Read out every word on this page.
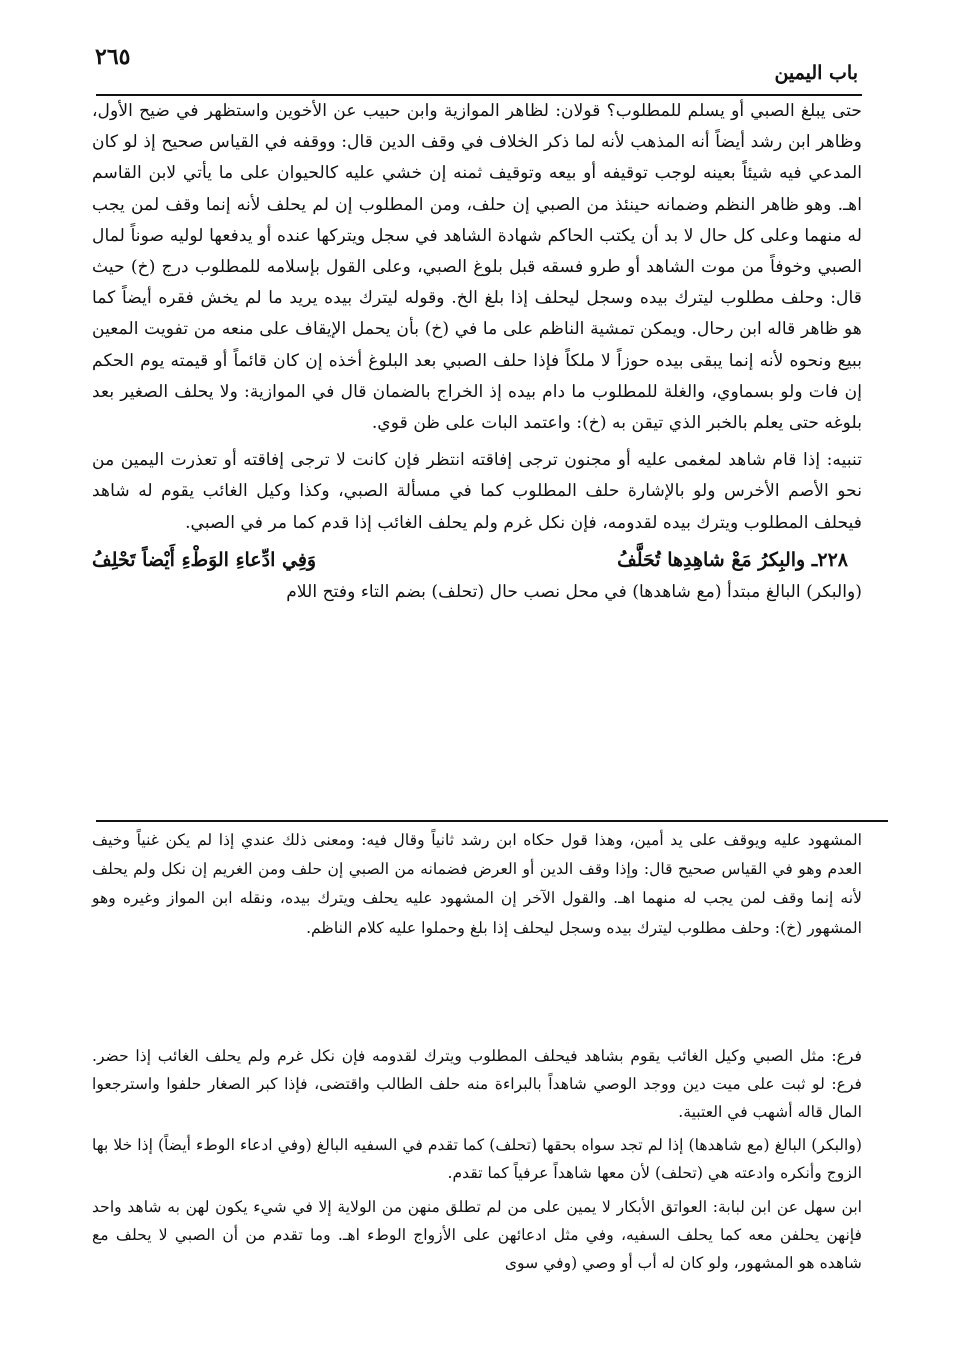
٢٦٥
باب اليمين

حتى يبلغ الصبي أو يسلم للمطلوب؟ قولان: لظاهر الموازية وابن حبيب عن الأخوين واستظهر في ضيح الأول، وظاهر ابن رشد أيضاً أنه المذهب لأنه لما ذكر الخلاف في وقف الدين قال: ووقفه في القياس صحيح إذ لو كان المدعي فيه شيئاً بعينه لوجب توقيفه أو بيعه وتوقيف ثمنه إن خشي عليه كالحيوان على ما يأتي لابن القاسم اهـ. وهو ظاهر النظم وضمانه حينئذ من الصبي إن حلف، ومن المطلوب إن لم يحلف لأنه إنما وقف لمن يجب له منهما وعلى كل حال لا بد أن يكتب الحاكم شهادة الشاهد في سجل ويتركها عنده أو يدفعها لوليه صوناً لمال الصبي وخوفاً من موت الشاهد أو طرو فسقه قبل بلوغ الصبي، وعلى القول بإسلامه للمطلوب درج (خ) حيث قال: وحلف مطلوب ليترك بيده وسجل ليحلف إذا بلغ الخ. وقوله ليترك بيده يريد ما لم يخش فقره أيضاً كما هو ظاهر قاله ابن رحال. ويمكن تمشية الناظم على ما في (خ) بأن يحمل الإيقاف على منعه من تفويت المعين ببيع ونحوه لأنه إنما يبقى بيده حوزاً لا ملكاً فإذا حلف الصبي بعد البلوغ أخذه إن كان قائماً أو قيمته يوم الحكم إن فات ولو بسماوي، والغلة للمطلوب ما دام بيده إذ الخراج بالضمان قال في الموازية: ولا يحلف الصغير بعد بلوغه حتى يعلم بالخبر الذي تيقن به (خ): واعتمد البات على ظن قوي.

تنبيه: إذا قام شاهد لمغمى عليه أو مجنون ترجى إفاقته انتظر فإن كانت لا ترجى إفاقته أو تعذرت اليمين من نحو الأصم الأخرس ولو بالإشارة حلف المطلوب كما في مسألة الصبي، وكذا وكيل الغائب يقوم له شاهد فيحلف المطلوب ويترك بيده لقدومه، فإن نكل غرم ولم يحلف الغائب إذا قدم كما مر في الصبي.

٢٢٨ـ والبِكرُ مَعْ شاهِدِها تُحَلَّفُ
وَفِي ادِّعاءِ الوَطْءِ أَيْضاً تَحْلِفُ

(والبكر) البالغ مبتدأ (مع شاهدها) في محل نصب حال (تحلف) بضم التاء وفتح اللام

المشهود عليه ويوقف على يد أمين، وهذا قول حكاه ابن رشد ثانياً وقال فيه: ومعنى ذلك عندي إذا لم يكن غنياً وخيف العدم وهو في القياس صحيح قال: وإذا وقف الدين أو العرض فضمانه من الصبي إن حلف ومن الغريم إن نكل ولم يحلف لأنه إنما وقف لمن يجب له منهما اهـ. والقول الآخر إن المشهود عليه يحلف ويترك بيده، ونقله ابن المواز وغيره وهو المشهور (خ): وحلف مطلوب ليترك بيده وسجل ليحلف إذا بلغ وحملوا عليه كلام الناظم.

فرع: مثل الصبي وكيل الغائب يقوم بشاهد فيحلف المطلوب ويترك لقدومه فإن نكل غرم ولم يحلف الغائب إذا حضر. فرع: لو ثبت على ميت دين ووجد الوصي شاهداً بالبراءة منه حلف الطالب واقتضى، فإذا كبر الصغار حلفوا واسترجعوا المال قاله أشهب في العتبية.

(والبكر) البالغ (مع شاهدها) إذا لم تجد سواه بحقها (تحلف) كما تقدم في السفيه البالغ (وفي ادعاء الوطء أيضاً) إذا خلا بها الزوج وأنكره وادعته هي (تحلف) لأن معها شاهداً عرفياً كما تقدم.

ابن سهل عن ابن لبابة: العواتق الأبكار لا يمين على من لم تطلق منهن من الولاية إلا في شيء يكون لهن به شاهد واحد فإنهن يحلفن معه كما يحلف السفيه، وفي مثل ادعائهن على الأزواج الوطء اهـ. وما تقدم من أن الصبي لا يحلف مع شاهده هو المشهور، ولو كان له أب أو وصي (وفي سوى
